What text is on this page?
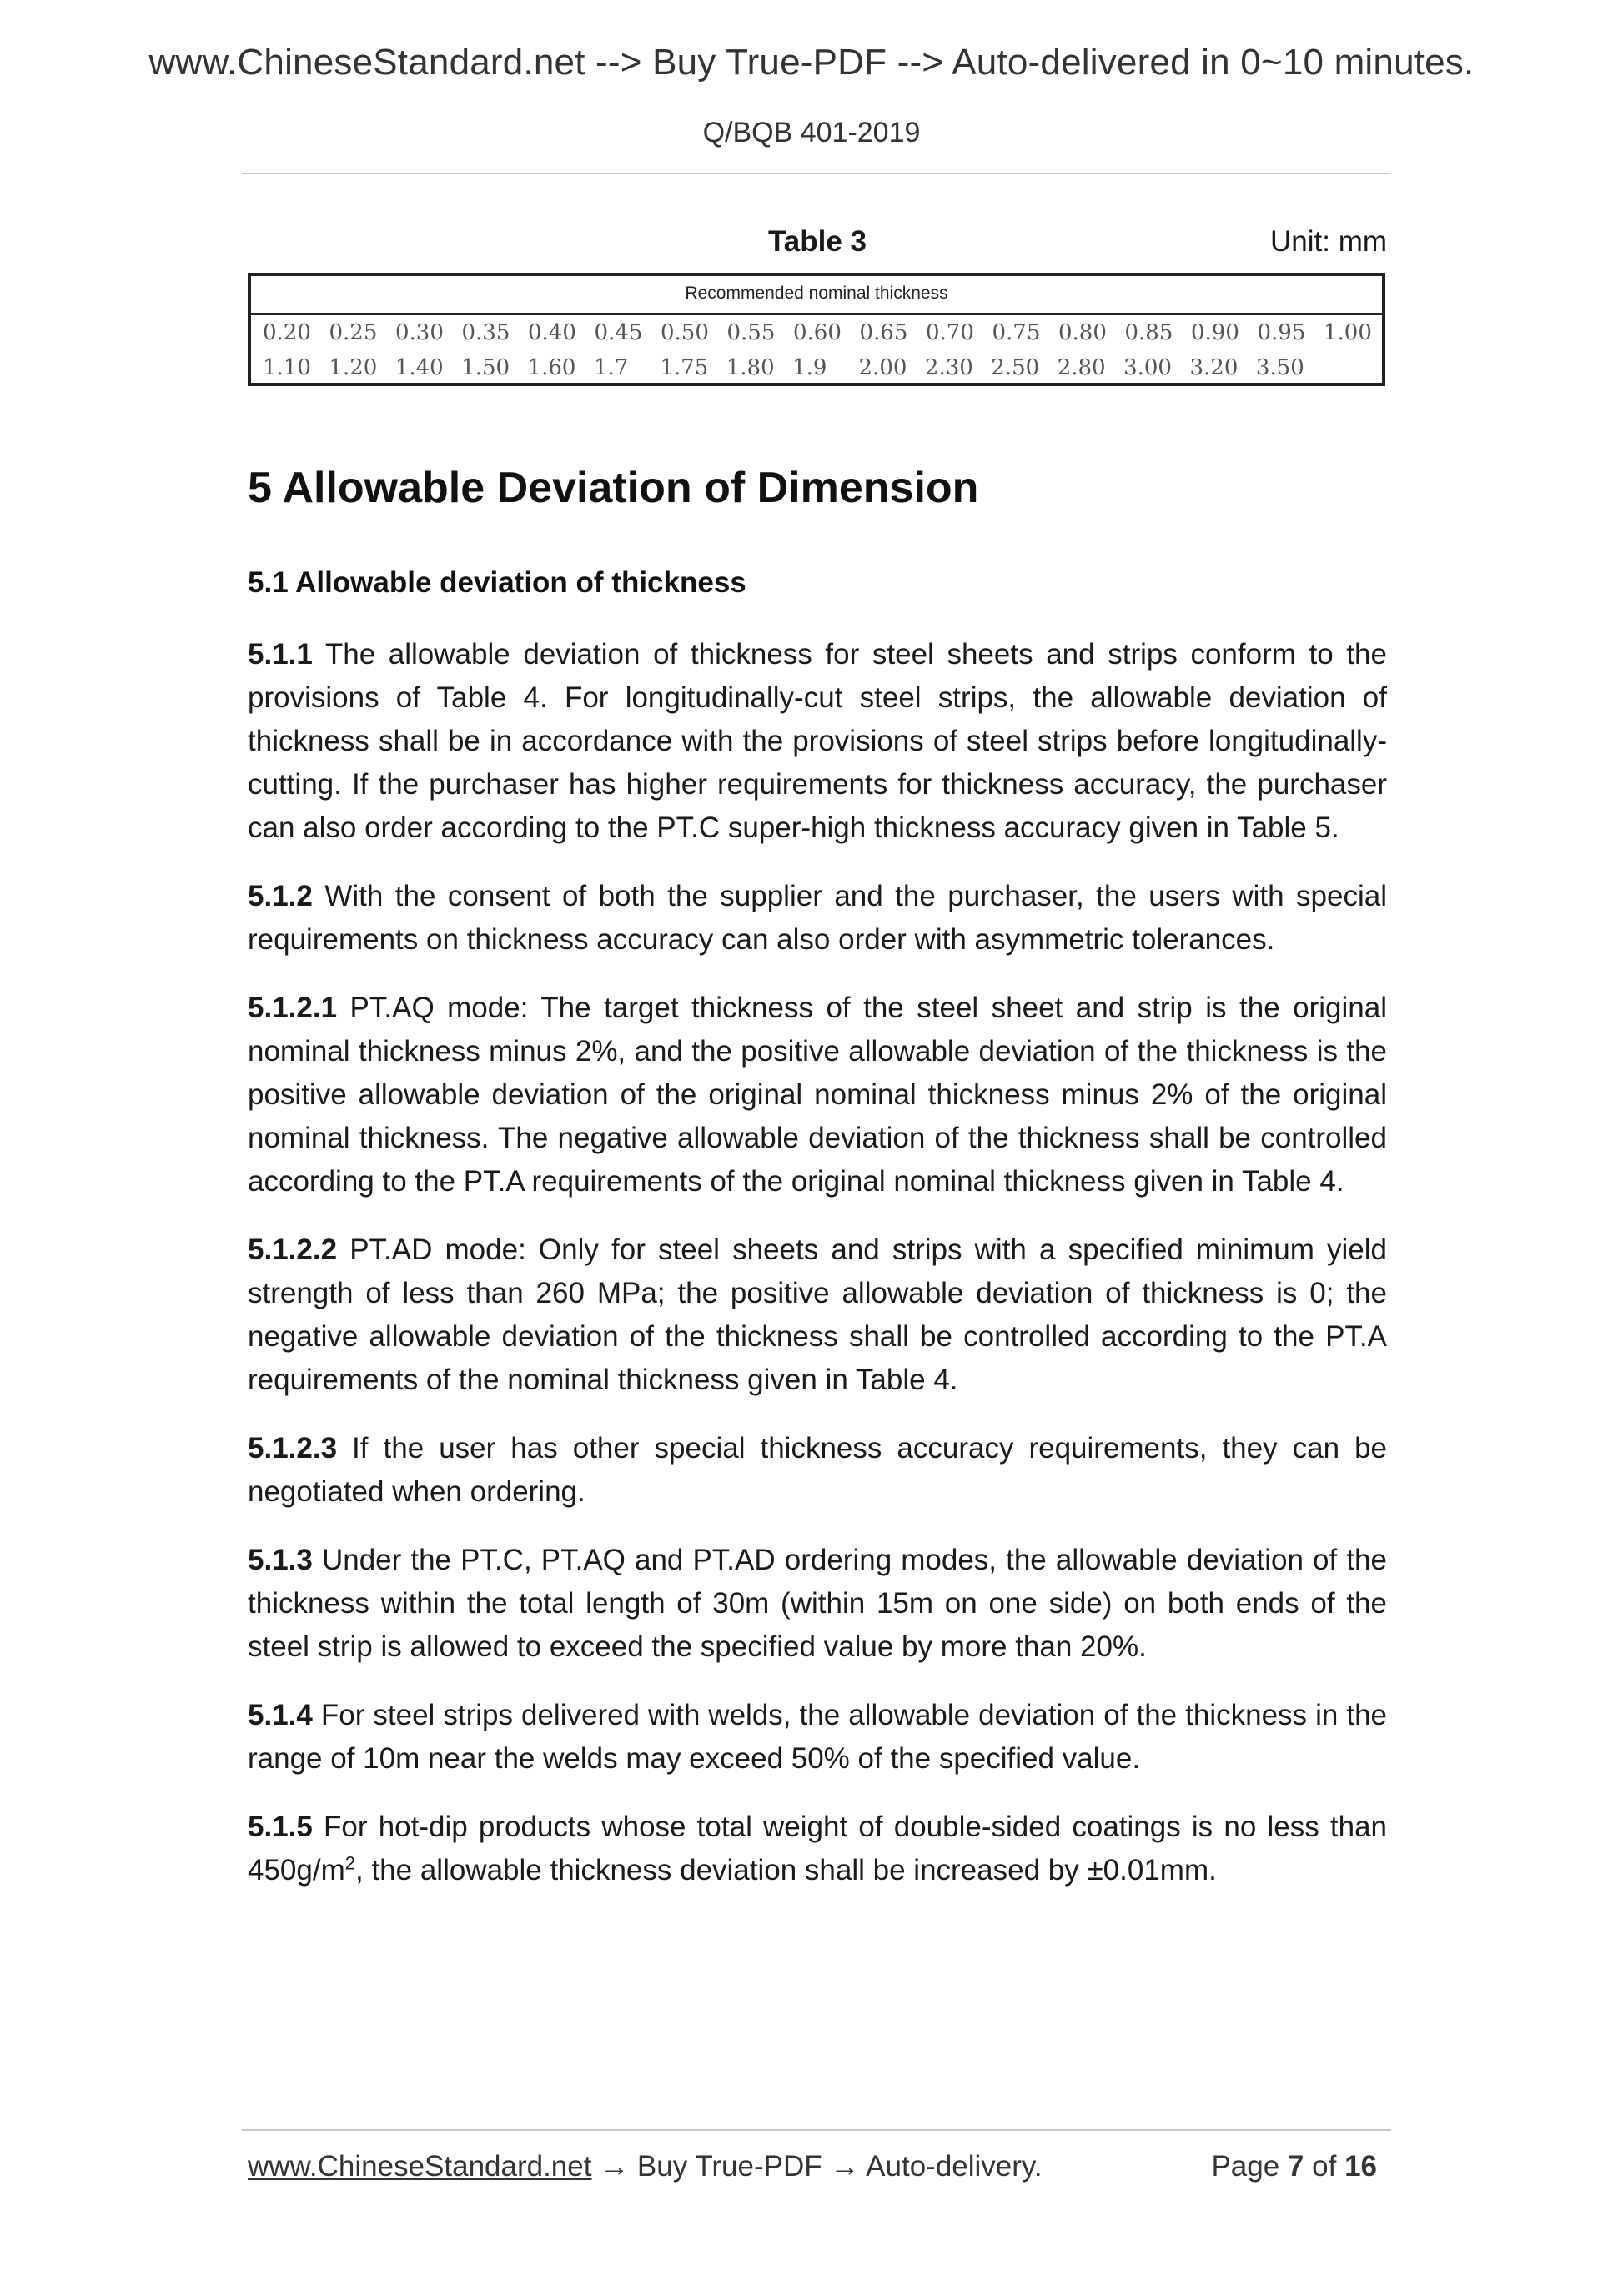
www.ChineseStandard.net --> Buy True-PDF --> Auto-delivered in 0~10 minutes.
Q/BQB 401-2019
Table 3	Unit: mm
Recommended nominal thickness
0.20 0.25 0.30 0.35 0.40 0.45 0.50 0.55 0.60 0.65 0.70 0.75 0.80 0.85 0.90 0.95 1.00
1.10 1.20 1.40 1.50 1.60 1.7	1.75 1.80 1.9	2.00 2.30 2.50 2.80 3.00 3.20 3.50
5 Allowable Deviation of Dimension
5.1 Allowable deviation of thickness

5.1.1 The allowable deviation of thickness for steel sheets and strips conform to the provisions of Table 4. For longitudinally-cut steel strips, the allowable deviation of thickness shall be in accordance with the provisions of steel strips before longitudinally-cutting. If the purchaser has higher requirements for thickness accuracy, the purchaser can also order according to the PT.C super-high thickness accuracy given in Table 5.

5.1.2 With the consent of both the supplier and the purchaser, the users with special requirements on thickness accuracy can also order with asymmetric tolerances.

5.1.2.1 PT.AQ mode: The target thickness of the steel sheet and strip is the original nominal thickness minus 2%, and the positive allowable deviation of the thickness is the positive allowable deviation of the original nominal thickness minus 2% of the original nominal thickness. The negative allowable deviation of the thickness shall be controlled according to the PT.A requirements of the original nominal thickness given in Table 4.

5.1.2.2 PT.AD mode: Only for steel sheets and strips with a specified minimum yield strength of less than 260 MPa; the positive allowable deviation of thickness is 0; the negative allowable deviation of the thickness shall be controlled according to the PT.A requirements of the nominal thickness given in Table 4.

5.1.2.3 If the user has other special thickness accuracy requirements, they can be negotiated when ordering.

5.1.3 Under the PT.C, PT.AQ and PT.AD ordering modes, the allowable deviation of the thickness within the total length of 30m (within 15m on one side) on both ends of the steel strip is allowed to exceed the specified value by more than 20%.

5.1.4 For steel strips delivered with welds, the allowable deviation of the thickness in the range of 10m near the welds may exceed 50% of the specified value.

5.1.5 For hot-dip products whose total weight of double-sided coatings is no less than $450g/m^2$, the allowable thickness deviation shall be increased by ±0.01mm.

www.ChineseStandard.net → Buy True-PDF → Auto-delivery.	Page 7 of 16
